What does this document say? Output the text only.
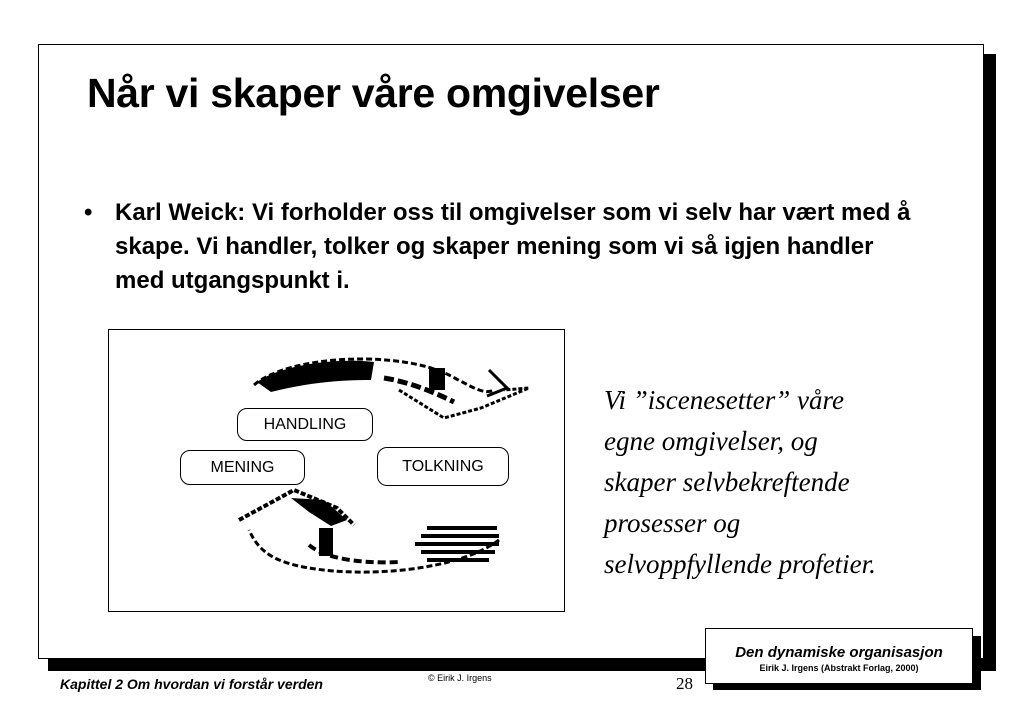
Når vi skaper våre omgivelser
• Karl Weick: Vi forholder oss til omgivelser som vi selv har vært med å skape. Vi handler, tolker og skaper mening som vi så igjen handler med utgangspunkt i.
HANDLING
MENING	TOLKNING
Vi ”iscenesetter” våre
egne omgivelser, og
skaper selvbekreftende
prosesser og
selvoppfyllende profetier.
Den dynamiske organisasjon
Eirik J. Irgens (Abstrakt Forlag, 2000)
Kapittel 2 Om hvordan vi forstår verden	© Eirik J. Irgens	28
